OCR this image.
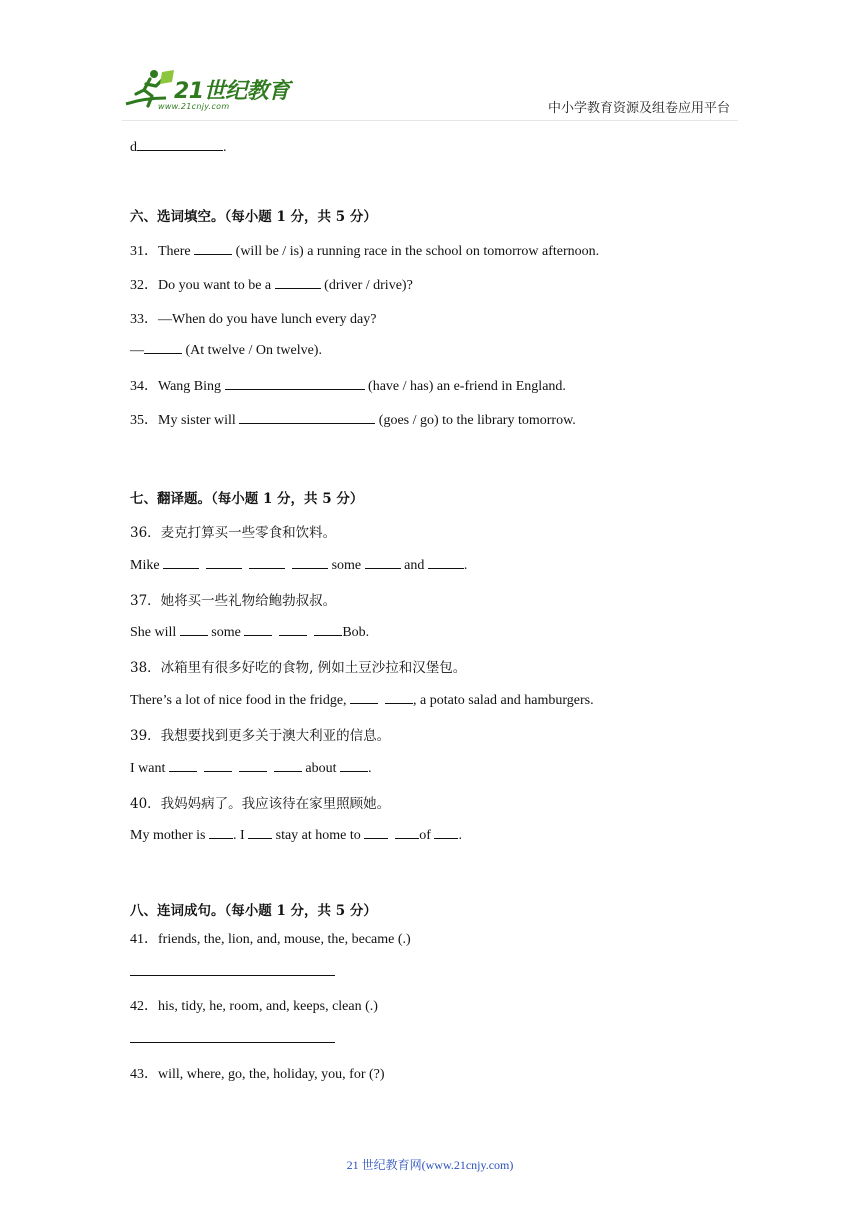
21世纪教育
www.21cnjy.com	中小学教育资源及组卷应用平台
d	.
六、选词填空。（每小题 1 分，共 5 分）
31．There	(will be / is) a running race in the school on tomorrow afternoon.
32．Do you want to be a	(driver / drive)?
33．—When do you have lunch every day?
—	(At twelve / On twelve).
34．Wang Bing	(have / has) an e-friend in England.
35．My sister will	(goes / go) to the library tomorrow.
七、翻译题。（每小题 1 分，共 5 分）
36．麦克打算买一些零食和饮料。
Mike	some	and	.
37．她将买一些礼物给鲍勃叔叔。
She will  some	Bob.
38．冰箱里有很多好吃的食物, 例如土豆沙拉和汉堡包。
There’s a lot of nice food in the fridge,	, a potato salad and hamburgers.
39．我想要找到更多关于澳大利亚的信息。
I want	about .
40．我妈妈病了。我应该待在家里照顾她。
My mother is . I  stay at home to	of .
八、连词成句。（每小题 1 分，共 5 分）
41．friends, the, lion, and, mouse, the, became (.)
42．his, tidy, he, room, and, keeps, clean (.)
43．will, where, go, the, holiday, you, for (?)
21 世纪教育网(www.21cnjy.com)
